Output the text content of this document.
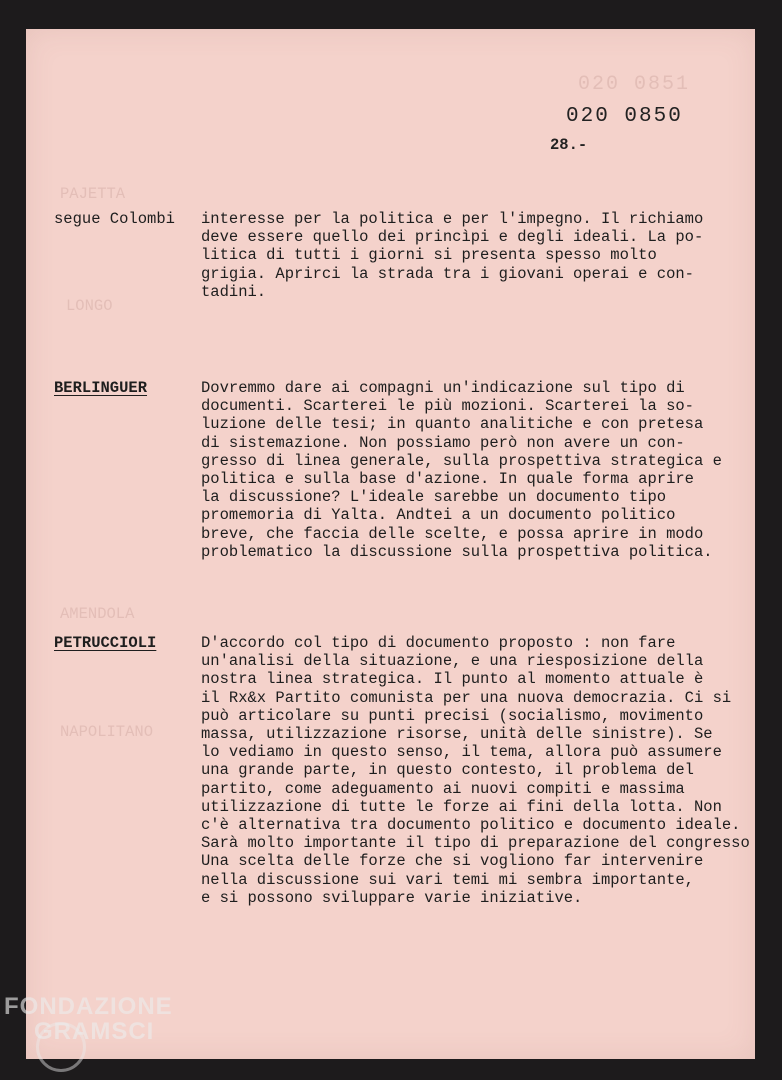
020 0851
PAJETTA
LONGO
AMENDOLA
NAPOLITANO
020 0850
28.-
segue Colombi interesse per la politica e per l'impegno. Il richiamo
deve essere quello dei princìpi e degli ideali. La po-
litica di tutti i giorni si presenta spesso molto
grigia. Aprirci la strada tra i giovani operai e con-
tadini.
BERLINGUER	Dovremmo dare ai compagni un'indicazione sul tipo di
documenti. Scarterei le più mozioni. Scarterei la so-
luzione delle tesi; in quanto analitiche e con pretesa
di sistemazione. Non possiamo però non avere un con-
gresso di linea generale, sulla prospettiva strategica e
politica e sulla base d'azione. In quale forma aprire
la discussione? L'ideale sarebbe un documento tipo
promemoria di Yalta. Andtei a un documento politico
breve, che faccia delle scelte, e possa aprire in modo
problematico la discussione sulla prospettiva politica.
PETRUCCIOLI	D'accordo col tipo di documento proposto : non fare
un'analisi della situazione, e una riesposizione della
nostra linea strategica. Il punto al momento attuale è
il Rx&x Partito comunista per una nuova democrazia. Ci si
può articolare su punti precisi (socialismo, movimento
massa, utilizzazione risorse, unità delle sinistre). Se
lo vediamo in questo senso, il tema, allora può assumere
una grande parte, in questo contesto, il problema del
partito, come adeguamento ai nuovi compiti e massima
utilizzazione di tutte le forze ai fini della lotta. Non
c'è alternativa tra documento politico e documento ideale.
Sarà molto importante il tipo di preparazione del congresso
Una scelta delle forze che si vogliono far intervenire
nella discussione sui vari temi mi sembra importante,
e si possono sviluppare varie iniziative.
FONDAZIONE
GRAMSCI
